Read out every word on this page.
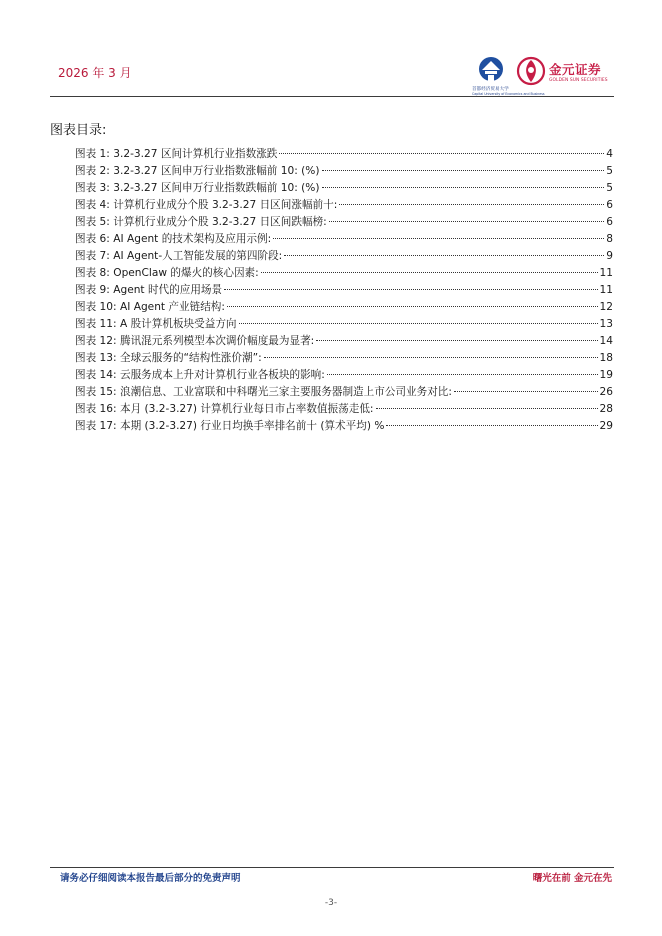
2026 年 3 月
首都经济贸易大学
Capital University of Economics and Business
金元证券
GOLDEN SUN SECURITIES
图表目录:
图表 1: 3.2-3.27 区间计算机行业指数涨跌	4
图表 2: 3.2-3.27 区间申万行业指数涨幅前 10: (%)	5
图表 3: 3.2-3.27 区间申万行业指数跌幅前 10: (%)	5
图表 4: 计算机行业成分个股 3.2-3.27 日区间涨幅前十:	6
图表 5: 计算机行业成分个股 3.2-3.27 日区间跌幅榜:	6
图表 6: AI Agent 的技术架构及应用示例:	8
图表 7: AI Agent-人工智能发展的第四阶段:	9
图表 8: OpenClaw 的爆火的核心因素:	11
图表 9: Agent 时代的应用场景	11
图表 10: AI Agent 产业链结构:	12
图表 11: A 股计算机板块受益方向	13
图表 12: 腾讯混元系列模型本次调价幅度最为显著:	14
图表 13: 全球云服务的“结构性涨价潮”:	18
图表 14: 云服务成本上升对计算机行业各板块的影响:	19
图表 15: 浪潮信息、工业富联和中科曙光三家主要服务器制造上市公司业务对比:	26
图表 16: 本月 (3.2-3.27) 计算机行业每日市占率数值振荡走低:	28
图表 17: 本期 (3.2-3.27) 行业日均换手率排名前十 (算术平均) %	29
请务必仔细阅读本报告最后部分的免责声明	曙光在前 金元在先
-3-
